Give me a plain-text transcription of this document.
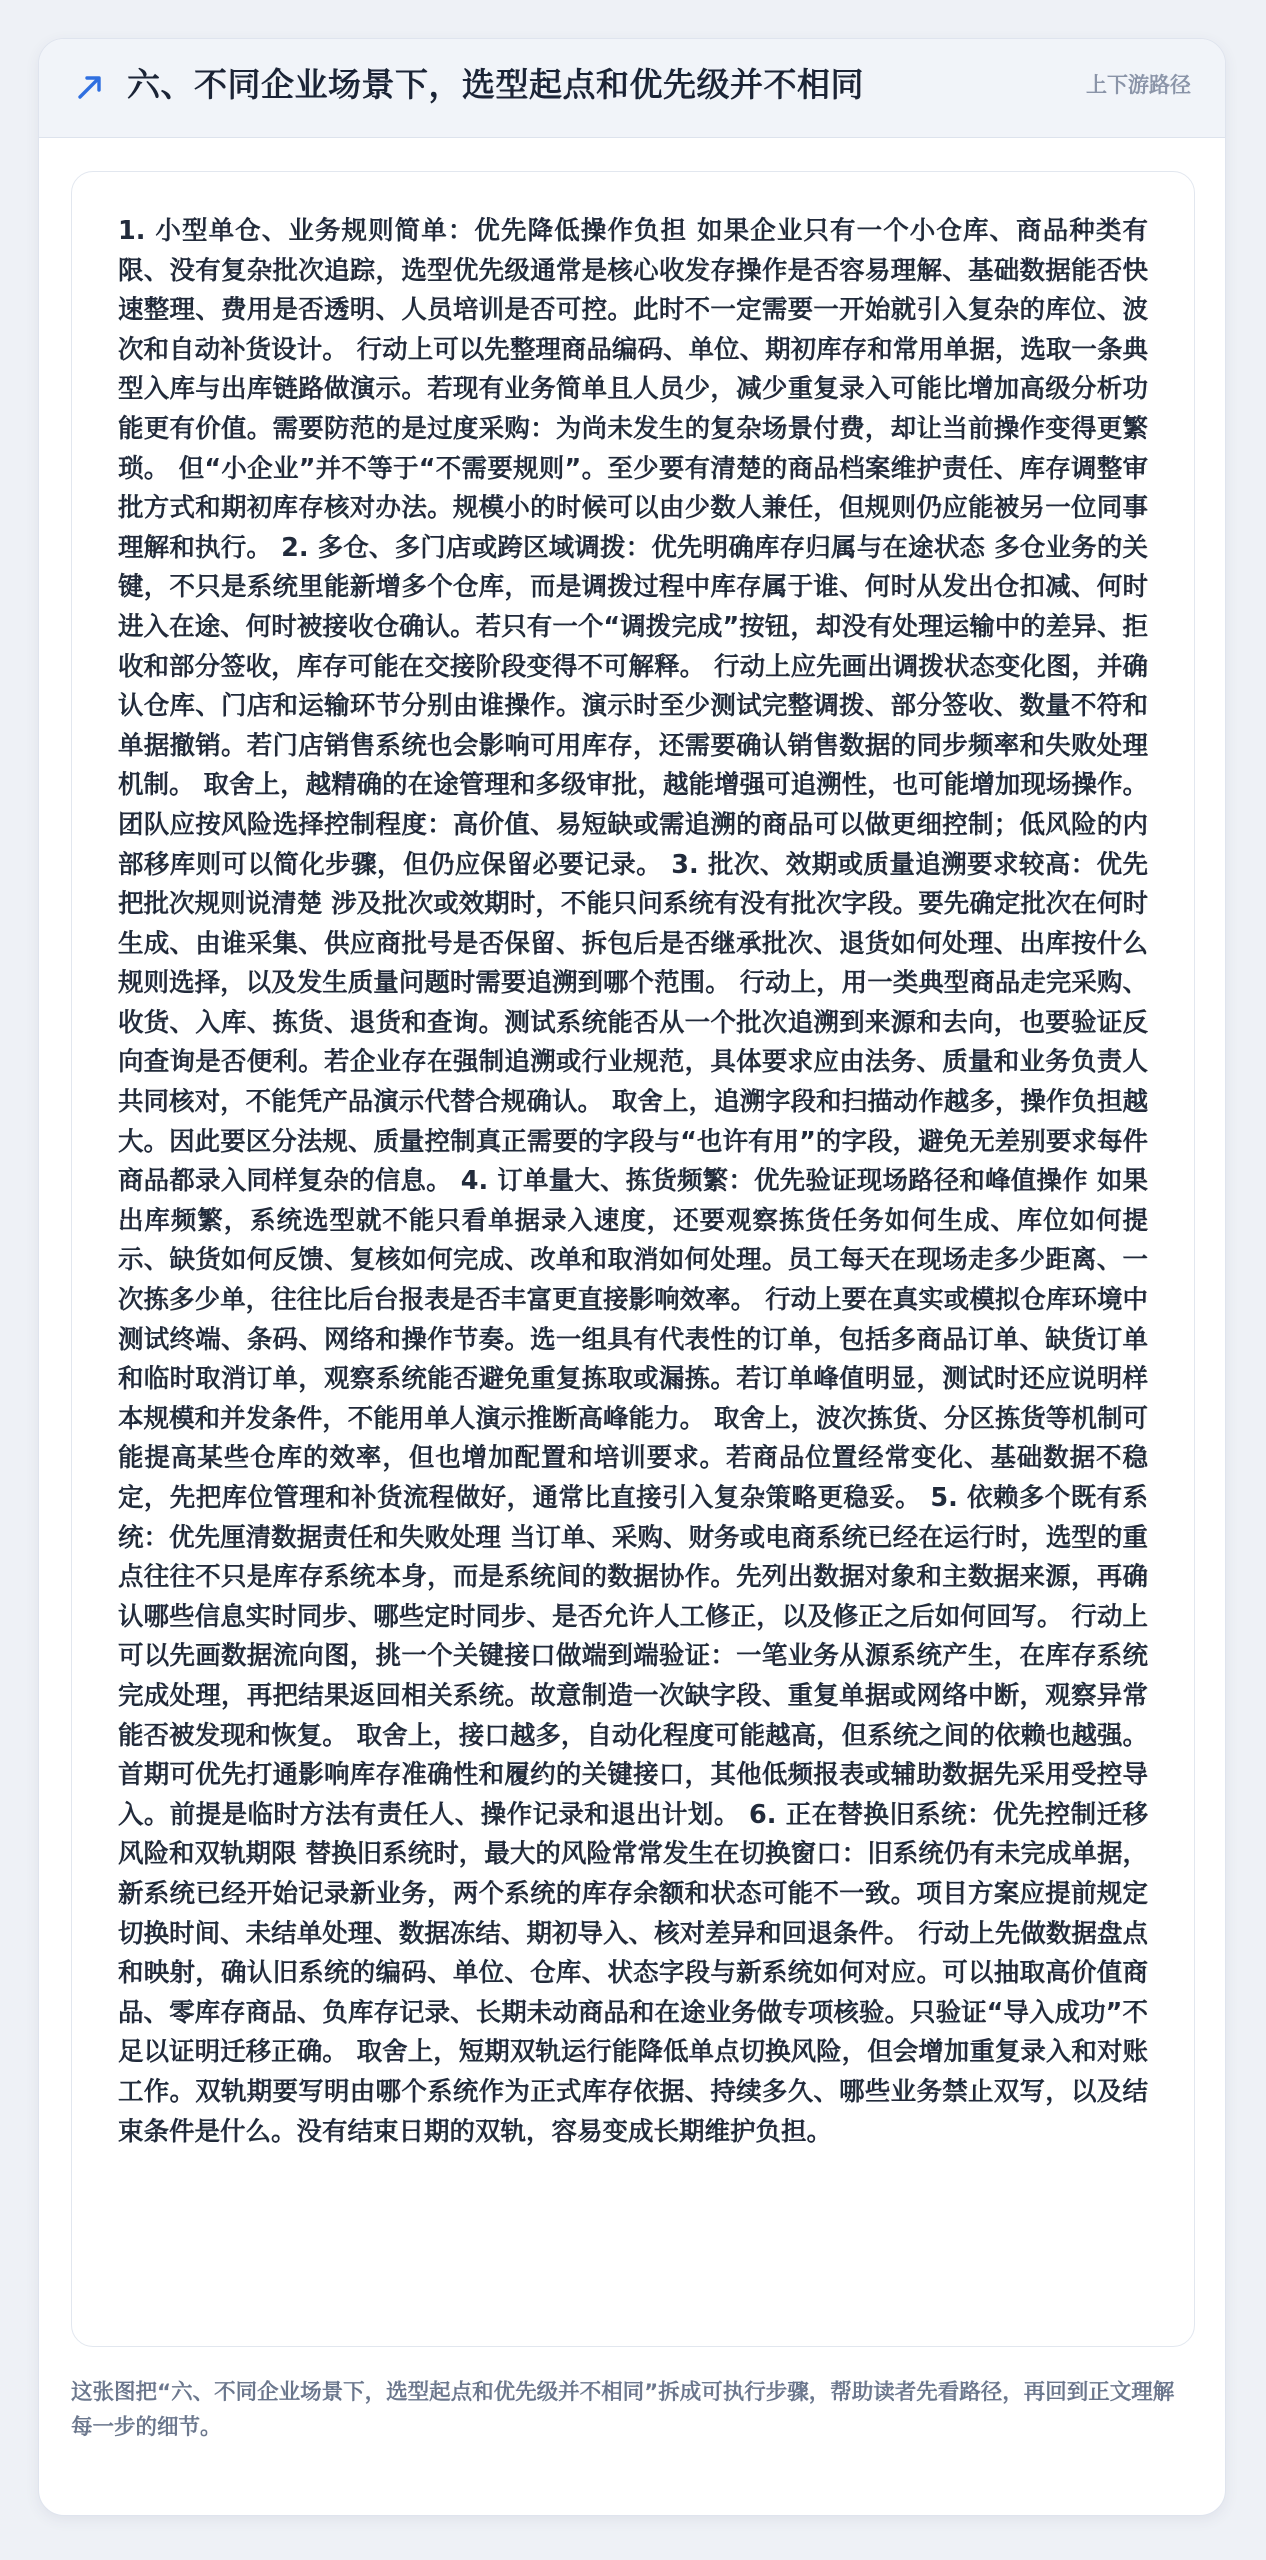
六、不同企业场景下，选型起点和优先级并不相同	上下游路径

1. 小型单仓、业务规则简单：优先降低操作负担 如果企业只有一个小仓库、商品种类有限、没有复杂批次追踪，选型优先级通常是核心收发存操作是否容易理解、基础数据能否快速整理、费用是否透明、人员培训是否可控。此时不一定需要一开始就引入复杂的库位、波次和自动补货设计。 行动上可以先整理商品编码、单位、期初库存和常用单据，选取一条典型入库与出库链路做演示。若现有业务简单且人员少，减少重复录入可能比增加高级分析功能更有价值。需要防范的是过度采购：为尚未发生的复杂场景付费，却让当前操作变得更繁琐。 但“小企业”并不等于“不需要规则”。至少要有清楚的商品档案维护责任、库存调整审批方式和期初库存核对办法。规模小的时候可以由少数人兼任，但规则仍应能被另一位同事理解和执行。 2. 多仓、多门店或跨区域调拨：优先明确库存归属与在途状态 多仓业务的关键，不只是系统里能新增多个仓库，而是调拨过程中库存属于谁、何时从发出仓扣减、何时进入在途、何时被接收仓确认。若只有一个“调拨完成”按钮，却没有处理运输中的差异、拒收和部分签收，库存可能在交接阶段变得不可解释。 行动上应先画出调拨状态变化图，并确认仓库、门店和运输环节分别由谁操作。演示时至少测试完整调拨、部分签收、数量不符和单据撤销。若门店销售系统也会影响可用库存，还需要确认销售数据的同步频率和失败处理机制。 取舍上，越精确的在途管理和多级审批，越能增强可追溯性，也可能增加现场操作。团队应按风险选择控制程度：高价值、易短缺或需追溯的商品可以做更细控制；低风险的内部移库则可以简化步骤，但仍应保留必要记录。 3. 批次、效期或质量追溯要求较高：优先把批次规则说清楚 涉及批次或效期时，不能只问系统有没有批次字段。要先确定批次在何时生成、由谁采集、供应商批号是否保留、拆包后是否继承批次、退货如何处理、出库按什么规则选择，以及发生质量问题时需要追溯到哪个范围。 行动上，用一类典型商品走完采购、收货、入库、拣货、退货和查询。测试系统能否从一个批次追溯到来源和去向，也要验证反向查询是否便利。若企业存在强制追溯或行业规范，具体要求应由法务、质量和业务负责人共同核对，不能凭产品演示代替合规确认。 取舍上，追溯字段和扫描动作越多，操作负担越大。因此要区分法规、质量控制真正需要的字段与“也许有用”的字段，避免无差别要求每件商品都录入同样复杂的信息。 4. 订单量大、拣货频繁：优先验证现场路径和峰值操作 如果出库频繁，系统选型就不能只看单据录入速度，还要观察拣货任务如何生成、库位如何提示、缺货如何反馈、复核如何完成、改单和取消如何处理。员工每天在现场走多少距离、一次拣多少单，往往比后台报表是否丰富更直接影响效率。 行动上要在真实或模拟仓库环境中测试终端、条码、网络和操作节奏。选一组具有代表性的订单，包括多商品订单、缺货订单和临时取消订单，观察系统能否避免重复拣取或漏拣。若订单峰值明显，测试时还应说明样本规模和并发条件，不能用单人演示推断高峰能力。 取舍上，波次拣货、分区拣货等机制可能提高某些仓库的效率，但也增加配置和培训要求。若商品位置经常变化、基础数据不稳定，先把库位管理和补货流程做好，通常比直接引入复杂策略更稳妥。 5. 依赖多个既有系统：优先厘清数据责任和失败处理 当订单、采购、财务或电商系统已经在运行时，选型的重点往往不只是库存系统本身，而是系统间的数据协作。先列出数据对象和主数据来源，再确认哪些信息实时同步、哪些定时同步、是否允许人工修正，以及修正之后如何回写。 行动上可以先画数据流向图，挑一个关键接口做端到端验证：一笔业务从源系统产生，在库存系统完成处理，再把结果返回相关系统。故意制造一次缺字段、重复单据或网络中断，观察异常能否被发现和恢复。 取舍上，接口越多，自动化程度可能越高，但系统之间的依赖也越强。首期可优先打通影响库存准确性和履约的关键接口，其他低频报表或辅助数据先采用受控导入。前提是临时方法有责任人、操作记录和退出计划。 6. 正在替换旧系统：优先控制迁移风险和双轨期限 替换旧系统时，最大的风险常常发生在切换窗口：旧系统仍有未完成单据，新系统已经开始记录新业务，两个系统的库存余额和状态可能不一致。项目方案应提前规定切换时间、未结单处理、数据冻结、期初导入、核对差异和回退条件。 行动上先做数据盘点和映射，确认旧系统的编码、单位、仓库、状态字段与新系统如何对应。可以抽取高价值商品、零库存商品、负库存记录、长期未动商品和在途业务做专项核验。只验证“导入成功”不足以证明迁移正确。 取舍上，短期双轨运行能降低单点切换风险，但会增加重复录入和对账工作。双轨期要写明由哪个系统作为正式库存依据、持续多久、哪些业务禁止双写，以及结束条件是什么。没有结束日期的双轨，容易变成长期维护负担。

这张图把“六、不同企业场景下，选型起点和优先级并不相同”拆成可执行步骤，帮助读者先看路径，再回到正文理解每一步的细节。
